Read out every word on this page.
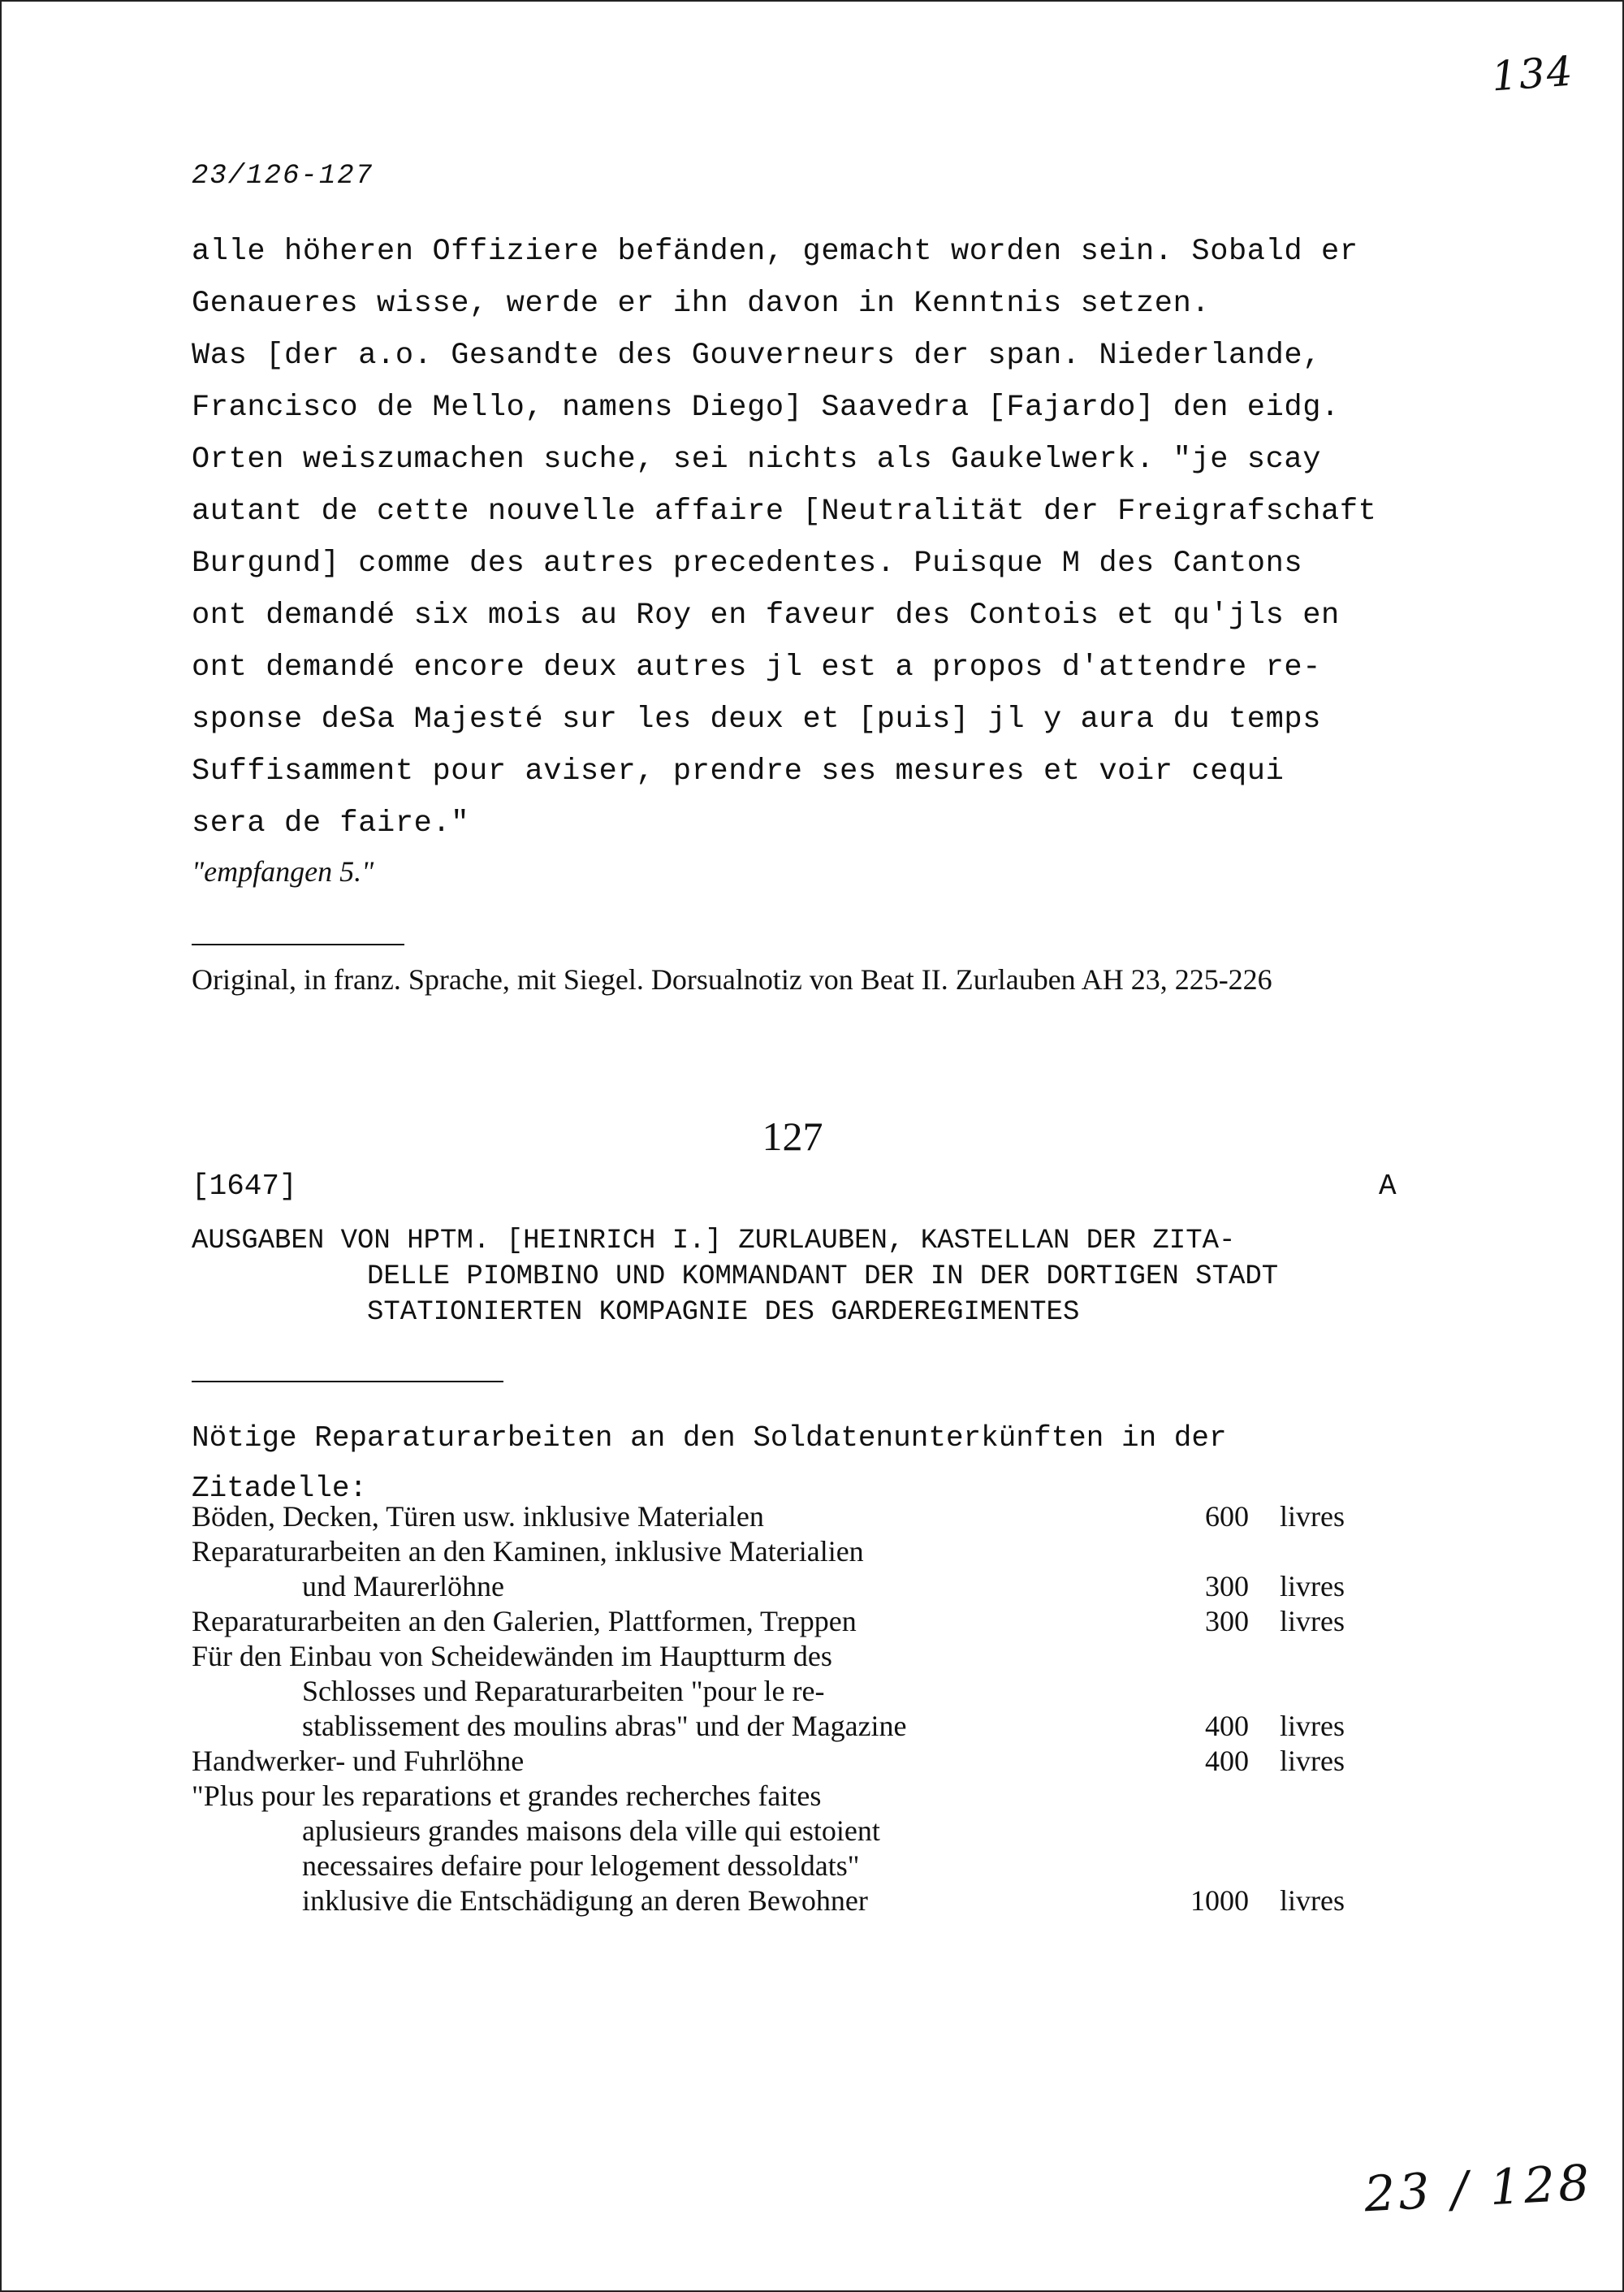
134
23/126-127
alle höheren Offiziere befänden, gemacht worden sein. Sobald er
Genaueres wisse, werde er ihn davon in Kenntnis setzen.
Was [der a.o. Gesandte des Gouverneurs der span. Niederlande,
Francisco de Mello, namens Diego] Saavedra [Fajardo] den eidg.
Orten weiszumachen suche, sei nichts als Gaukelwerk. "je scay
autant de cette nouvelle affaire [Neutralität der Freigrafschaft
Burgund] comme des autres precedentes. Puisque M des Cantons
ont demandé six mois au Roy en faveur des Contois et qu'jls en
ont demandé encore deux autres jl est a propos d'attendre re-
sponse deSa Majesté sur les deux et [puis] jl y aura du temps
Suffisamment pour aviser, prendre ses mesures et voir cequi
sera de faire."
"empfangen 5."
Original, in franz. Sprache, mit Siegel. Dorsualnotiz von Beat II. Zurlauben AH 23, 225-226
127
[1647]	A
AUSGABEN VON HPTM. [HEINRICH I.] ZURLAUBEN, KASTELLAN DER ZITA-
DELLE PIOMBINO UND KOMMANDANT DER IN DER DORTIGEN STADT
STATIONIERTEN KOMPAGNIE DES GARDEREGIMENTES
Nötige Reparaturarbeiten an den Soldatenunterkünften in der
Zitadelle:
Böden, Decken, Türen usw. inklusive Materialen	600 livres
Reparaturarbeiten an den Kaminen, inklusive Materialien
und Maurerlöhne	300 livres
Reparaturarbeiten an den Galerien, Plattformen, Treppen	300 livres
Für den Einbau von Scheidewänden im Hauptturm des
Schlosses und Reparaturarbeiten "pour le re-
stablissement des moulins abras" und der Magazine	400 livres
Handwerker- und Fuhrlöhne	400 livres
"Plus pour les reparations et grandes recherches faites
aplusieurs grandes maisons dela ville qui estoient
necessaires defaire pour lelogement dessoldats"
inklusive die Entschädigung an deren Bewohner	1000 livres
23 / 128
